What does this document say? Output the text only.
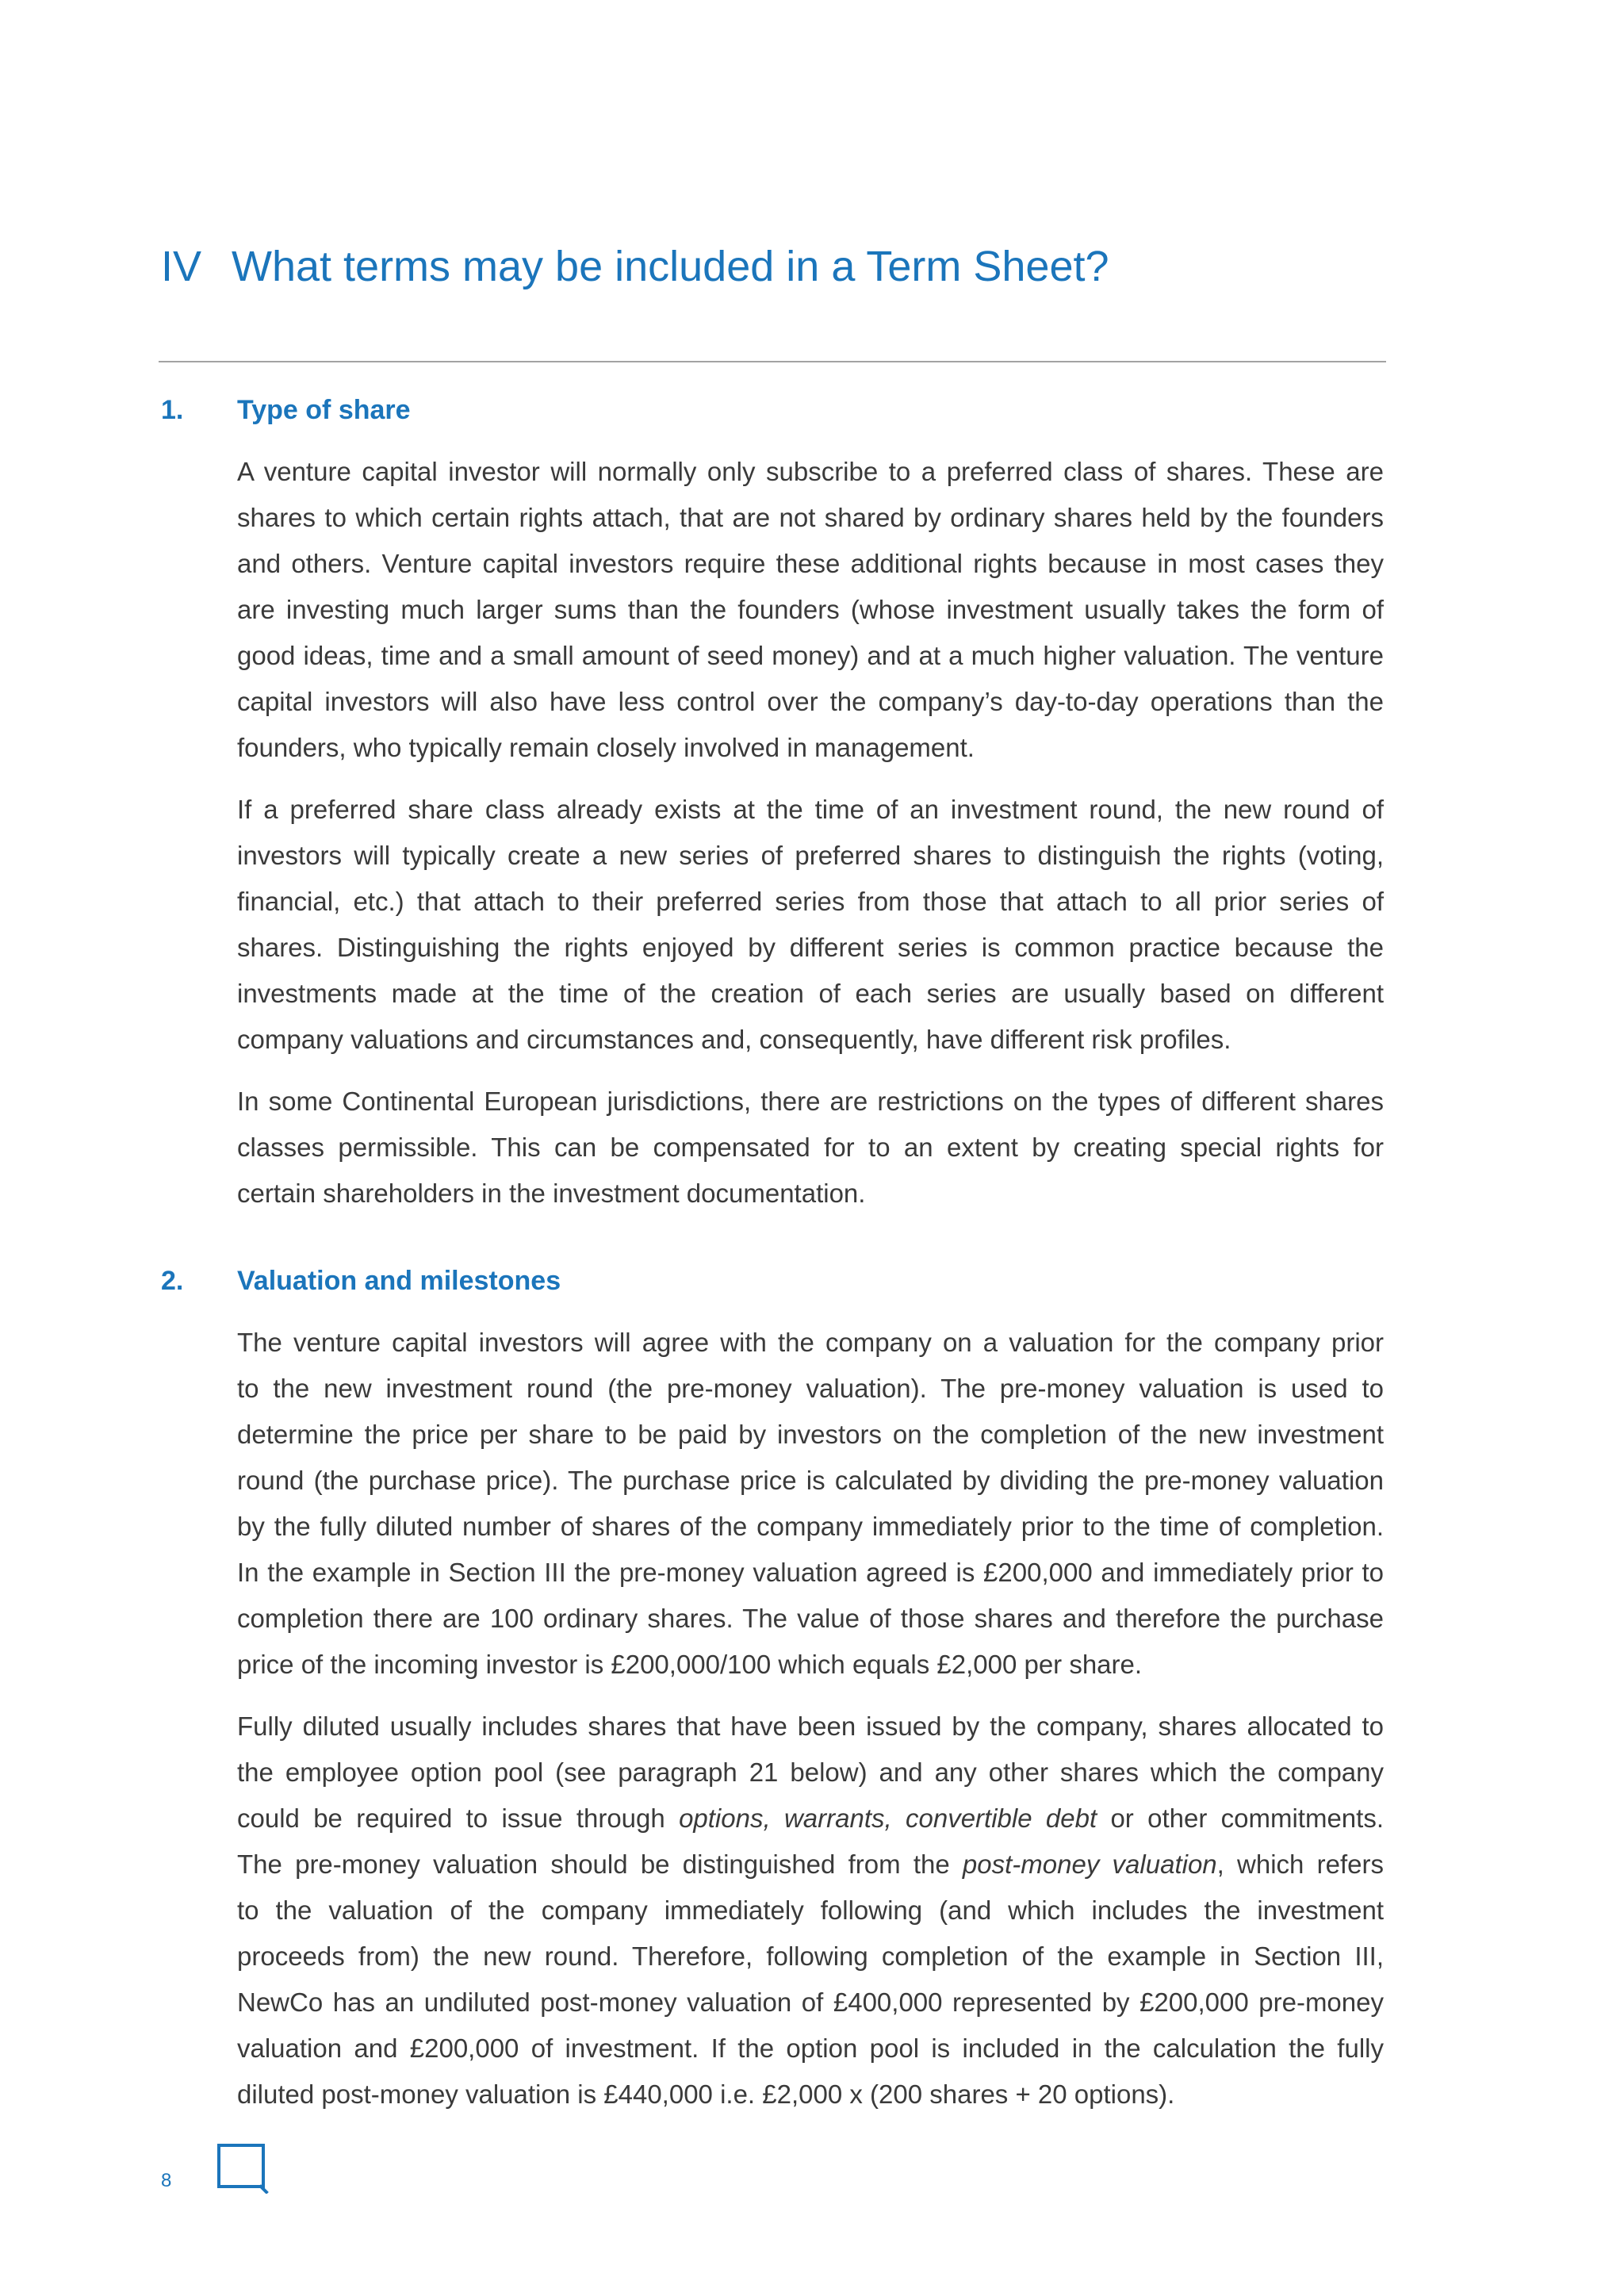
IV What terms may be included in a Term Sheet?
1. Type of share
A venture capital investor will normally only subscribe to a preferred class of shares. These are
shares to which certain rights attach, that are not shared by ordinary shares held by the founders
and others. Venture capital investors require these additional rights because in most cases they
are investing much larger sums than the founders (whose investment usually takes the form of
good ideas, time and a small amount of seed money) and at a much higher valuation. The venture
capital investors will also have less control over the company’s day-to-day operations than the
founders, who typically remain closely involved in management.
If a preferred share class already exists at the time of an investment round, the new round of
investors will typically create a new series of preferred shares to distinguish the rights (voting,
financial, etc.) that attach to their preferred series from those that attach to all prior series of
shares. Distinguishing the rights enjoyed by different series is common practice because the
investments made at the time of the creation of each series are usually based on different
company valuations and circumstances and, consequently, have different risk profiles.
In some Continental European jurisdictions, there are restrictions on the types of different shares
classes permissible. This can be compensated for to an extent by creating special rights for
certain shareholders in the investment documentation.
2. Valuation and milestones
The venture capital investors will agree with the company on a valuation for the company prior
to the new investment round (the pre-money valuation). The pre-money valuation is used to
determine the price per share to be paid by investors on the completion of the new investment
round (the purchase price). The purchase price is calculated by dividing the pre-money valuation
by the fully diluted number of shares of the company immediately prior to the time of completion.
In the example in Section III the pre-money valuation agreed is £200,000 and immediately prior to
completion there are 100 ordinary shares. The value of those shares and therefore the purchase
price of the incoming investor is £200,000/100 which equals £2,000 per share.
Fully diluted usually includes shares that have been issued by the company, shares allocated to
the employee option pool (see paragraph 21 below) and any other shares which the company
could be required to issue through options, warrants, convertible debt or other commitments.
The pre-money valuation should be distinguished from the post-money valuation, which refers
to the valuation of the company immediately following (and which includes the investment
proceeds from) the new round. Therefore, following completion of the example in Section III,
NewCo has an undiluted post-money valuation of £400,000 represented by £200,000 pre-money
valuation and £200,000 of investment. If the option pool is included in the calculation the fully
diluted post-money valuation is £440,000 i.e. £2,000 x (200 shares + 20 options).
8
